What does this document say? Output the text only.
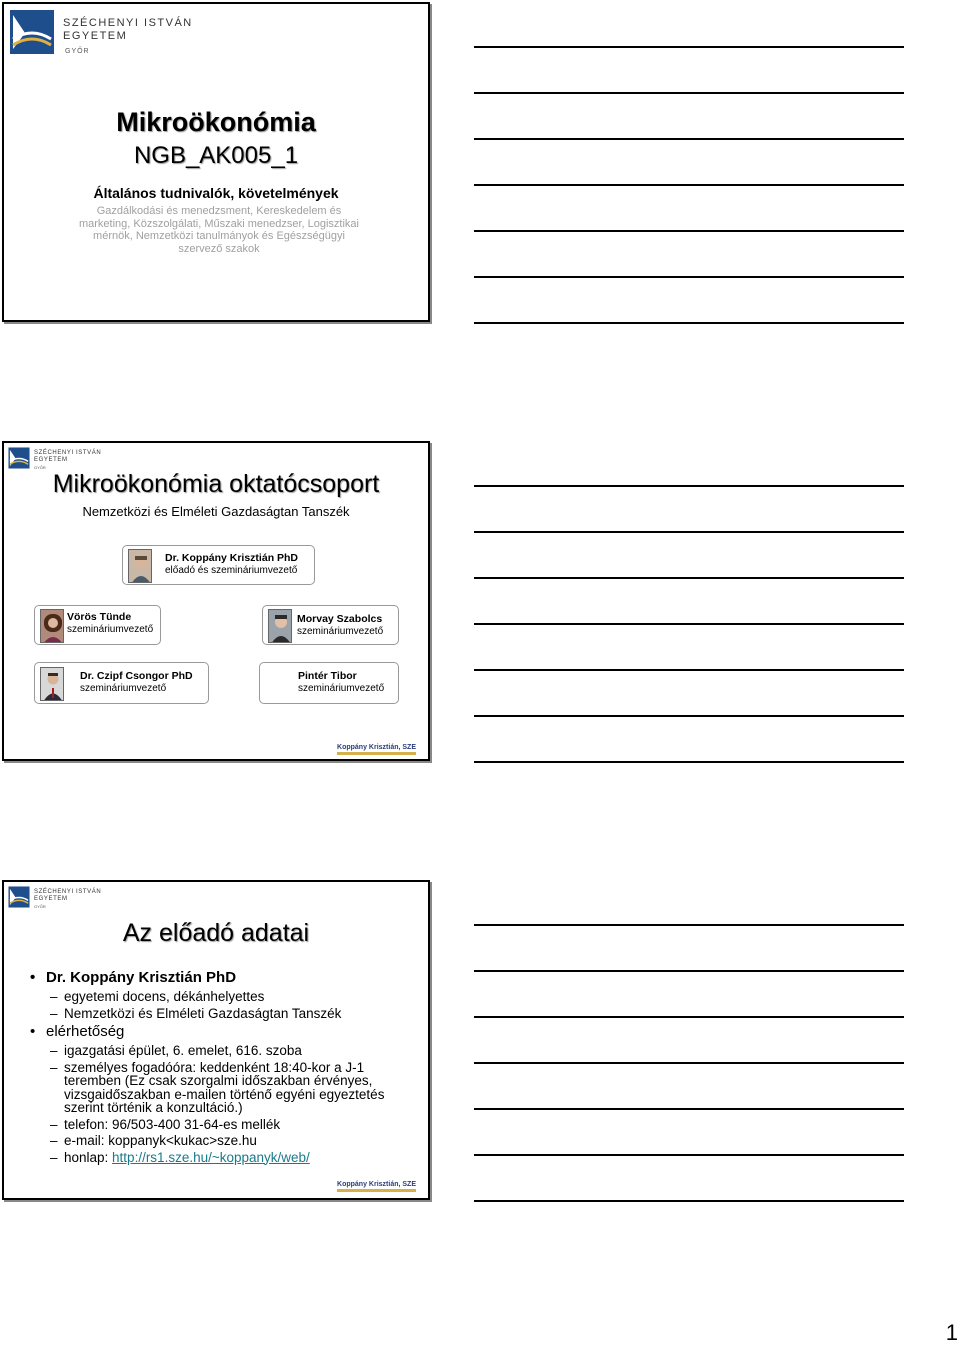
SZÉCHENYI ISTVÁN
EGYETEM
GYŐR
Mikroökonómia
NGB_AK005_1
Általános tudnivalók, követelmények
Gazdálkodási és menedzsment, Kereskedelem és marketing, Közszolgálati, Műszaki menedzser, Logisztikai mérnök, Nemzetközi tanulmányok és Egészségügyi szervező szakok
SZÉCHENYI ISTVÁN
EGYETEM
GYŐR
Mikroökonómia oktatócsoport
Nemzetközi és Elméleti Gazdaságtan Tanszék
Dr. Koppány Krisztián PhD
előadó és szemináriumvezető
Vörös Tünde
szemináriumvezető
Morvay Szabolcs
szemináriumvezető
Dr. Czipf Csongor PhD
szemináriumvezető
Pintér Tibor
szemináriumvezető
Koppány Krisztián, SZE
SZÉCHENYI ISTVÁN
EGYETEM
GYŐR
Az előadó adatai
• Dr. Koppány Krisztián PhD
– egyetemi docens, dékánhelyettes
– Nemzetközi és Elméleti Gazdaságtan Tanszék
• elérhetőség
– igazgatási épület, 6. emelet, 616. szoba
– személyes fogadóóra: keddenként 18:40-kor a J-1 teremben (Ez csak szorgalmi időszakban érvényes, vizsgaidőszakban e-mailen történő egyéni egyeztetés szerint történik a konzultáció.)
– telefon: 96/503-400 31-64-es mellék
– e-mail: koppanyk<kukac>sze.hu
– honlap: http://rs1.sze.hu/~koppanyk/web/
Koppány Krisztián, SZE
1
